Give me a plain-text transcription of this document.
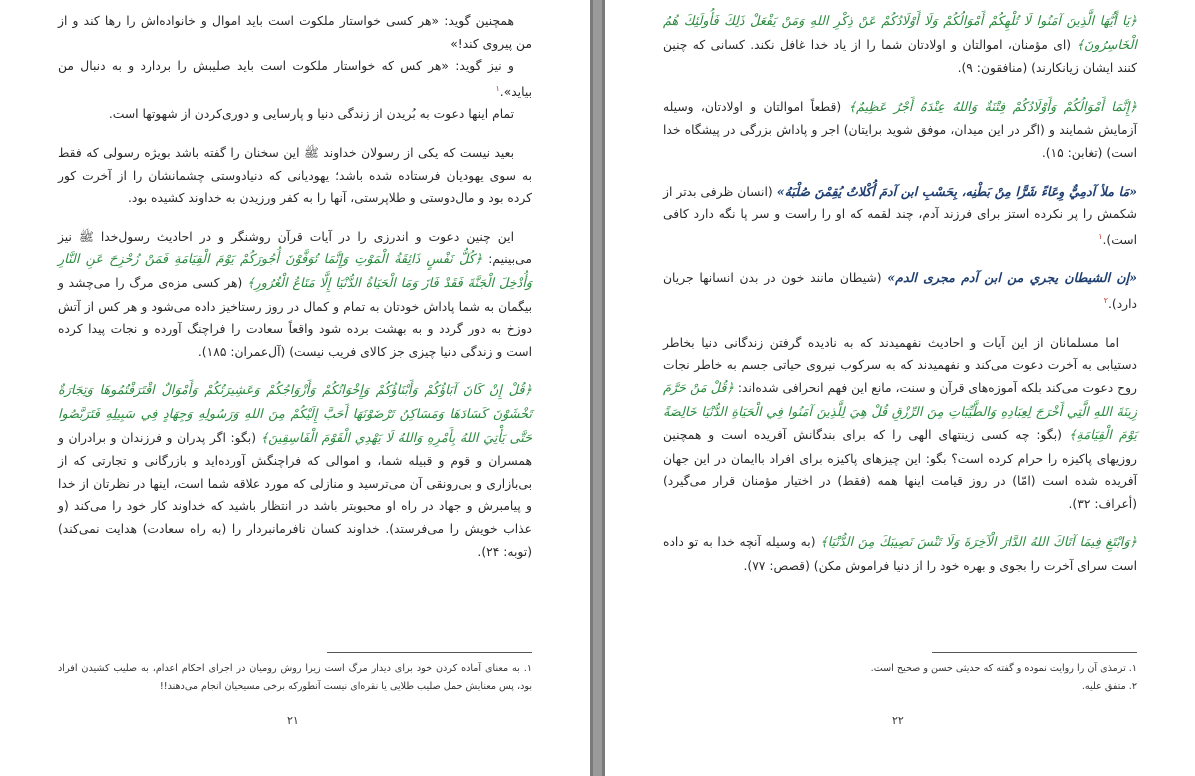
همچنین گوید: «هر کسی خواستار ملکوت است باید اموال و خانواده‌اش را رها کند و از من پیروی کند!»

و نیز گوید: «هر کس که خواستار ملکوت است باید صلیبش را بردارد و به دنبال من بیاید».$^۱$

تمام اینها دعوت به بُریدن از زندگی دنیا و پارسایی و دوری‌کردن از شهوتها است.

بعید نیست که یکی از رسولان خداوند ﷺ این سخنان را گفته باشد بویژه رسولی که فقط به سوی یهودیان فرستاده شده باشد؛ یهودیانی که دنیادوستی چشمانشان را از آخرت کور کرده بود و مال‌دوستی و طلاپرستی، آنها را به کفر ورزیدن به خداوند کشیده بود.

این چنین دعوت و اندرزی را در آیات قرآن روشنگر و در احادیث رسول‌خدا ﷺ نیز می‌بینیم: ﴿كُلُّ نَفْسٍ ذَائِقَةُ الْمَوْتِ وَإِنَّمَا تُوَفَّوْنَ أُجُورَكُمْ يَوْمَ الْقِيَامَةِ فَمَنْ زُحْزِحَ عَنِ النَّارِ وَأُدْخِلَ الْجَنَّةَ فَقَدْ فَازَ وَمَا الْحَيَاةُ الدُّنْيَا إِلَّا مَتَاعُ الْغُرُورِ﴾ (هر کسی مزه‌ی مرگ را می‌چشد و بیگمان به شما پاداش خودتان به تمام و کمال در روز رستاخیز داده می‌شود و هر کس از آتش دوزخ به دور گردد و به بهشت برده شود واقعاً سعادت را فراچنگ آورده و نجات پیدا کرده است و زندگی دنیا چیزی جز کالای فریب نیست) (آل‌عمران: ۱۸۵).

﴿قُلْ إِنْ كَانَ آبَاؤُكُمْ وَأَبْنَاؤُكُمْ وَإِخْوَانُكُمْ وَأَزْوَاجُكُمْ وَعَشِيرَتُكُمْ وَأَمْوَالٌ اقْتَرَفْتُمُوهَا وَتِجَارَةٌ تَخْشَوْنَ كَسَادَهَا وَمَسَاكِنُ تَرْضَوْنَهَا أَحَبَّ إِلَيْكُمْ مِنَ اللهِ وَرَسُولِهِ وَجِهَادٍ فِي سَبِيلِهِ فَتَرَبَّصُوا حَتَّى يَأْتِيَ اللهُ بِأَمْرِهِ وَاللهُ لَا يَهْدِي الْقَوْمَ الْفَاسِقِينَ﴾ (بگو: اگر پدران و فرزندان و برادران و همسران و قوم و قبیله شما، و اموالی که فراچنگش آورده‌اید و بازرگانی و تجارتی که از بی‌بازاری و بی‌رونقی آن می‌ترسید و منازلی که مورد علاقه شما است، اینها در نظرتان از خدا و پیامبرش و جهاد در راه او محبوبتر باشد در انتظار باشید که خداوند کار خود را می‌کند (و عذاب خویش را می‌فرستد). خداوند کسان نافرمانبردار را (به راه سعادت) هدایت نمی‌کند) (توبه: ۲۴).

۱. به معنای آماده کردن خود برای دیدار مرگ است زیرا روش رومیان در اجرای احکام اعدام، به صلیب کشیدن افراد بود، پس معنایش حمل صلیب طلایی یا نقره‌ای نیست آنطورکه برخی مسیحیان انجام می‌دهند!!

۲۱

﴿يَا أَيُّهَا الَّذِينَ آمَنُوا لَا تُلْهِكُمْ أَمْوَالُكُمْ وَلَا أَوْلَادُكُمْ عَنْ ذِكْرِ اللهِ وَمَنْ يَفْعَلْ ذَلِكَ فَأُولَئِكَ هُمُ الْخَاسِرُونَ﴾ (ای مؤمنان، اموالتان و اولادتان شما را از یاد خدا غافل نکند. کسانی که چنین کنند ایشان زیانکارند) (منافقون: ۹).

﴿إِنَّمَا أَمْوَالُكُمْ وَأَوْلَادُكُمْ فِتْنَةٌ وَاللهُ عِنْدَهُ أَجْرٌ عَظِيمٌ﴾ (قطعاً اموالتان و اولادتان، وسیله آزمایش شمایند و (اگر در این میدان، موفق شوید برایتان) اجر و پاداش بزرگی در پیشگاه خدا است) (تغابن: ۱۵).

«مَا ملأ آدمِيٌّ وِعَاءً شَرًّا مِنْ بَطْنِه، بِحَسْبِ ابن آدمَ أُكْلاتٌ يُقِمْنَ صُلْبَهُ» (انسان ظرفی بدتر از شکمش را پر نکرده استز برای فرزند آدم، چند لقمه که او را راست و سر پا نگه دارد کافی است).$^۱$

«إن الشيطان يجري من ابن آدم مجرى الدم» (شیطان مانند خون در بدن انسانها جریان دارد).$^۲$

اما مسلمانان از این آیات و احادیث نفهمیدند که به نادیده گرفتن زندگانی دنیا بخاطر دستیابی به آخرت دعوت می‌کند و نفهمیدند که به سرکوب نیروی حیاتی جسم به خاطر نجات روح دعوت می‌کند بلکه آموزه‌های قرآن و سنت، مانع این فهم انحرافی شده‌اند: ﴿قُلْ مَنْ حَرَّمَ زِينَةَ اللهِ الَّتِي أَخْرَجَ لِعِبَادِهِ وَالطَّيِّبَاتِ مِنَ الرِّزْقِ قُلْ هِيَ لِلَّذِينَ آمَنُوا فِي الْحَيَاةِ الدُّنْيَا خَالِصَةً يَوْمَ الْقِيَامَةِ﴾ (بگو: چه کسی زینتهای الهی را که برای بندگانش آفریده است و همچنین روزیهای پاکیزه را حرام کرده است؟ بگو: این چیزهای پاکیزه برای افراد باایمان در این جهان آفریده شده است (امّا) در روز قیامت اینها همه (فقط) در اختیار مؤمنان قرار می‌گیرد) (أعراف: ۳۲).

﴿وَابْتَغِ فِيمَا آتَاكَ اللهُ الدَّارَ الْآخِرَةَ وَلَا تَنْسَ نَصِيبَكَ مِنَ الدُّنْيَا﴾ (به وسیله آنچه خدا به تو داده است سرای آخرت را بجوی و بهره خود را از دنیا فراموش مکن) (قصص: ۷۷).

۱. ترمذی آن را روایت نموده و گفته که حدیثی حسن و صحیح است.

۲. متفق علیه.

۲۲
